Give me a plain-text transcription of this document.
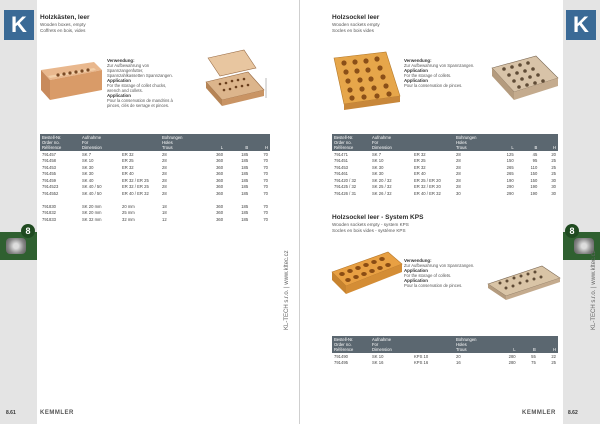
K
8
Holzkästen, leer
Wooden boxes, empty
Coffrets en bois, vides
Verwendung:
Zur Aufbewahrung von Spannzangenfutter, Spannzahlkassetten Spannzangen.
Application
For the storage of collet chucks, wrench and collets.
Application
Pour la conservation de mandrins à pinces, clés de serrage et pinces.
Bestell-Nr.
Order no.
Référence	Aufnahme
For
Dimension		Bohrungen
Holes
Trous	L	B	H
791457	SK 7	ER 32	28	360	185	70
791458	SK 10	ER 25	28	360	185	70
791453	SK 30	ER 32	28	360	185	70
791455	SK 30	ER 40	28	360	185	70
791459	SK 40	ER 32 / ER 25	28	360	185	70
7914523	SK 40 / 50	ER 32 / ER 25	28	360	185	70
7914552	SK 40 / 50	ER 40 / ER 32	28	360	185	70

791830	SK 20 mm	20 mm	18	360	185	70
791832	SK 20 mm	25 mm	18	360	185	70
791833	SK 32 mm	32 mm	12	360	185	70
8.61	KEMMLER
KL-TECH s.r.o. | www.kltec.cz
K
8
Holzsockel leer
Wooden sockets empty
Socles en bois vides
Verwendung:
Zur Aufbewahrung von Spannzangen.
Application
For the storage of collets.
Application
Pour la conservation de pinces.
Bestell-Nr.
Order no.
Référence	Aufnahme
For
Dimension		Bohrungen
Holes
Trous	L	B	H
791471	SK 7	ER 32	28	125	45	20
791451	SK 10	ER 25	28	150	95	25
791453	SK 30	ER 32	28	265	110	25
791461	SK 30	ER 40	28	265	150	25
791420 / 32	SK 20 / 32	ER 25 / ER 20	28	190	150	30
791425 / 32	SK 25 / 32	ER 32 / ER 20	28	290	190	30
791426 / 31	SK 26 / 32	ER 40 / ER 32	30	290	190	30
Holzsockel leer - System KPS
Wooden sockets empty - system KPS
Socles en bois vides - système KPS
Verwendung:
Zur Aufbewahrung von Spannzangen.
Application
For the storage of collets.
Application
Pour la conservation de pinces.
Bestell-Nr.
Order no.
Référence	Aufnahme
For
Dimension		Bohrungen
Holes
Trous	L	B	H
791490	SK 10	KPS 10	20	280	55	22
791495	SK 16	KPS 16	16	280	75	25
KEMMLER 8.62
KL-TECH s.r.o. | www.kltec.cz
